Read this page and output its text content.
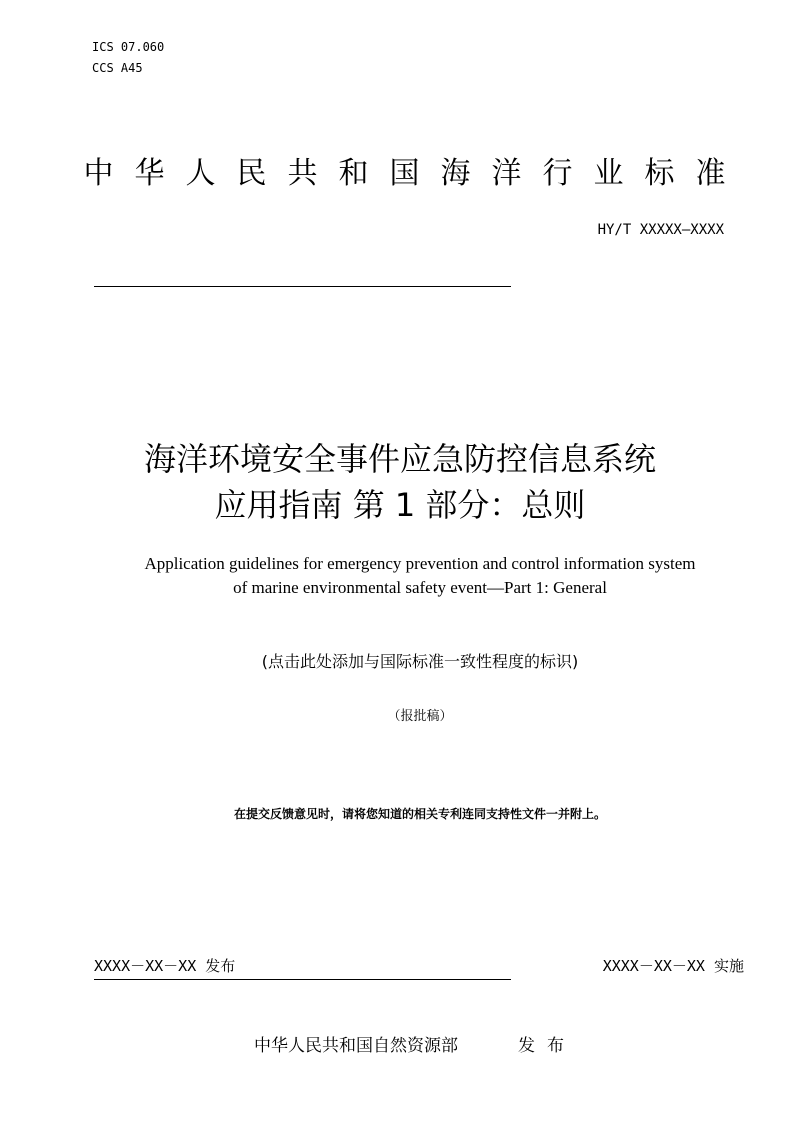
ICS 07.060
CCS A45
中华人民共和国海洋行业标准
HY/T XXXXX—XXXX
海洋环境安全事件应急防控信息系统
应用指南 第 1 部分：总则
Application guidelines for emergency prevention and control information system
of marine environmental safety event—Part 1: General
(点击此处添加与国际标准一致性程度的标识)
（报批稿）
在提交反馈意见时，请将您知道的相关专利连同支持性文件一并附上。
XXXX－XX－XX 发布	XXXX－XX－XX 实施
中华人民共和国自然资源部	发布
